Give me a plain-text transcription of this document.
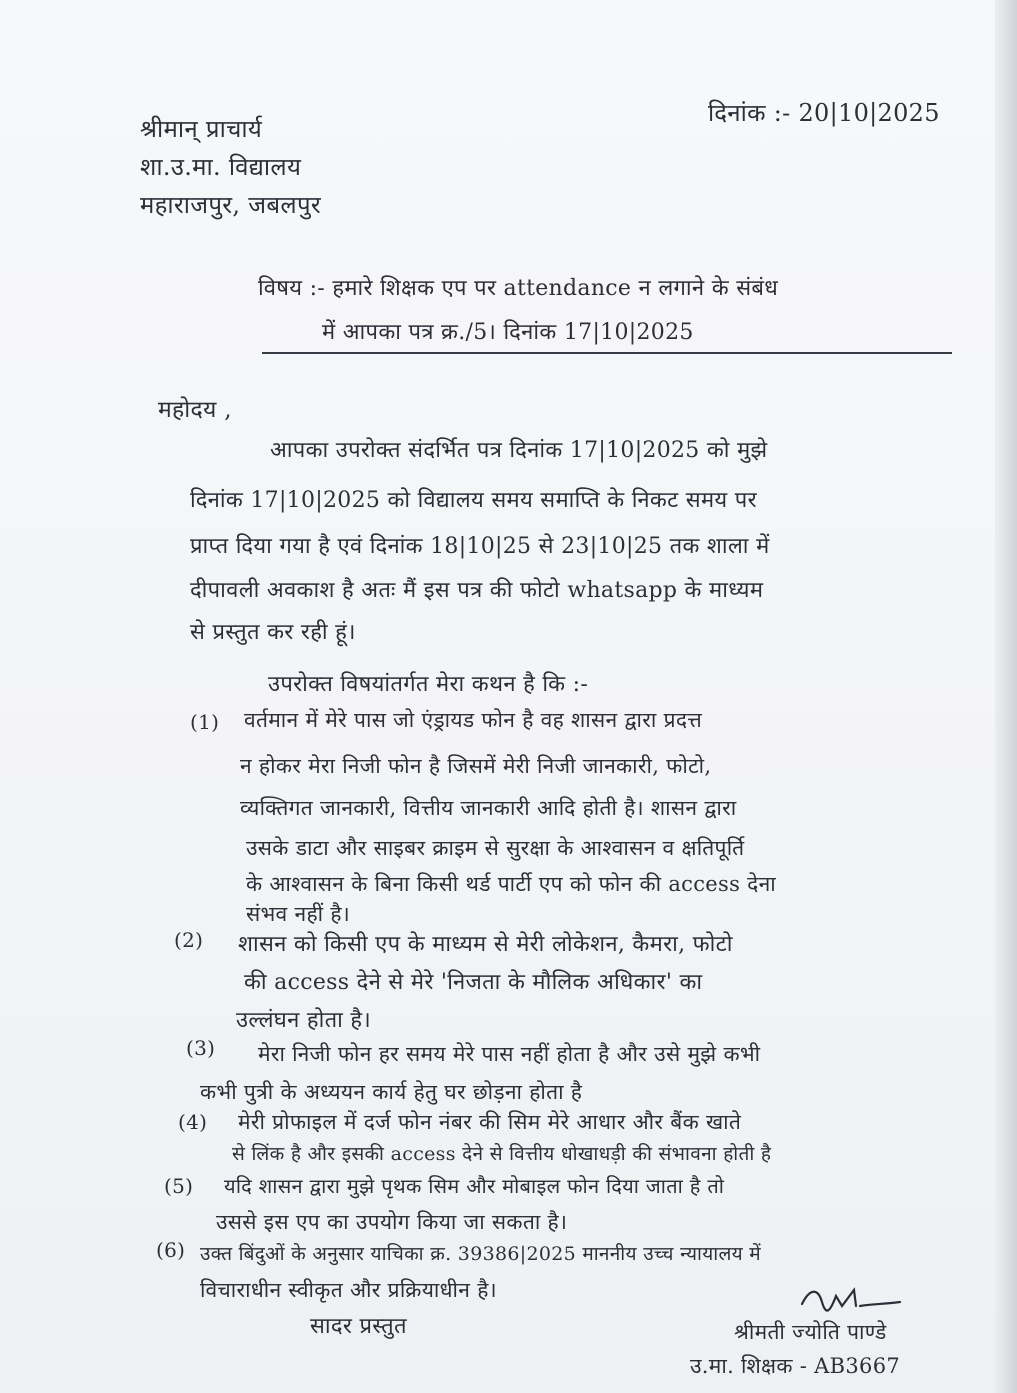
श्रीमान् प्राचार्य
शा.उ.मा. विद्यालय
महाराजपुर, जबलपुर
दिनांक :- 20|10|2025
विषय :- हमारे शिक्षक एप पर attendance न लगाने के संबंध
में आपका पत्र क्र./5। दिनांक 17|10|2025
महोदय ,
आपका उपरोक्त संदर्भित पत्र दिनांक 17|10|2025 को मुझे
दिनांक 17|10|2025 को विद्यालय समय समाप्ति के निकट समय पर
प्राप्त दिया गया है एवं दिनांक 18|10|25 से 23|10|25 तक शाला में
दीपावली अवकाश है अतः मैं इस पत्र की फोटो whatsapp के माध्यम
से प्रस्तुत कर रही हूं।
उपरोक्त विषयांतर्गत मेरा कथन है कि :-
(1) वर्तमान में मेरे पास जो एंड्रायड फोन है वह शासन द्वारा प्रदत्त
न होकर मेरा निजी फोन है जिसमें मेरी निजी जानकारी, फोटो,
व्यक्तिगत जानकारी, वित्तीय जानकारी आदि होती है। शासन द्वारा
उसके डाटा और साइबर क्राइम से सुरक्षा के आश्वासन व क्षतिपूर्ति
के आश्वासन के बिना किसी थर्ड पार्टी एप को फोन की access देना
संभव नहीं है।
(2) शासन को किसी एप के माध्यम से मेरी लोकेशन, कैमरा, फोटो
की access देने से मेरे 'निजता के मौलिक अधिकार' का
उल्लंघन होता है।
(3) मेरा निजी फोन हर समय मेरे पास नहीं होता है और उसे मुझे कभी
कभी पुत्री के अध्ययन कार्य हेतु घर छोड़ना होता है
(4) मेरी प्रोफाइल में दर्ज फोन नंबर की सिम मेरे आधार और बैंक खाते
से लिंक है और इसकी access देने से वित्तीय धोखाधड़ी की संभावना होती है
(5) यदि शासन द्वारा मुझे पृथक सिम और मोबाइल फोन दिया जाता है तो
उससे इस एप का उपयोग किया जा सकता है।
(6) उक्त बिंदुओं के अनुसार याचिका क्र. 39386|2025 माननीय उच्च न्यायालय में
विचाराधीन स्वीकृत और प्रक्रियाधीन है।
सादर प्रस्तुत	श्रीमती ज्योति पाण्डे
उ.मा. शिक्षक - AB3667
